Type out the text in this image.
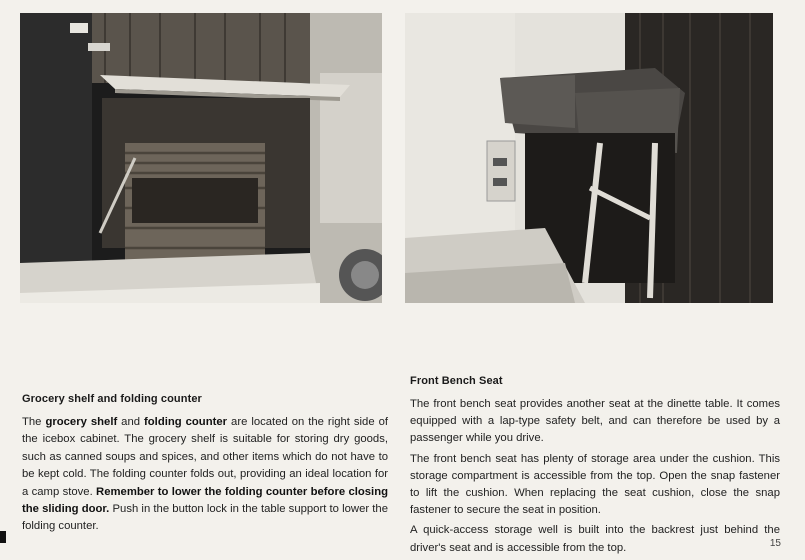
Grocery shelf and folding counter

The grocery shelf and folding counter are located on the right side of the icebox cabinet. The grocery shelf is suitable for storing dry goods, such as canned soups and spices, and other items which do not have to be kept cold. The folding counter folds out, providing an ideal location for a camp stove. Remember to lower the folding counter before closing the sliding door. Push in the button lock in the table support to lower the folding counter.

Front Bench Seat

The front bench seat provides another seat at the dinette table. It comes equipped with a lap-type safety belt, and can therefore be used by a passenger while you drive.

The front bench seat has plenty of storage area under the cushion. This storage compartment is accessible from the top. Open the snap fastener to lift the cushion. When replacing the seat cushion, close the snap fastener to secure the seat in position.

A quick-access storage well is built into the backrest just behind the driver's seat and is accessible from the top.	15
